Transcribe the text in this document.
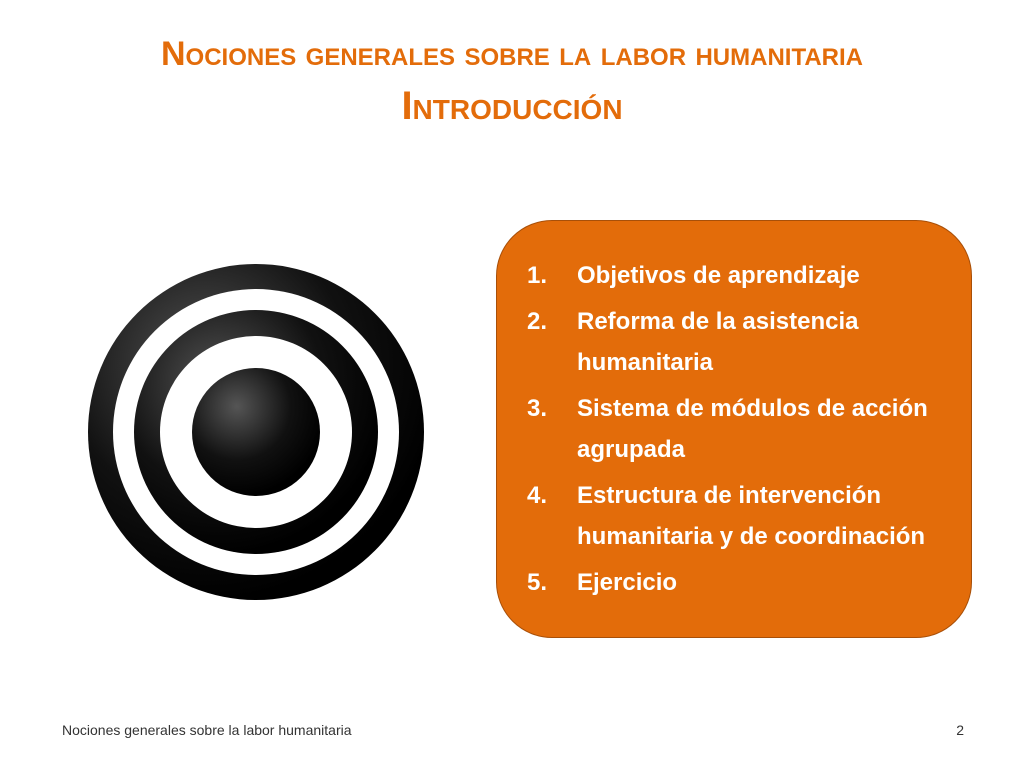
Nociones generales sobre la labor humanitaria
Introducción
1.	Objetivos de aprendizaje
2.	Reforma de la asistencia humanitaria
3.	Sistema de módulos de acción agrupada
4.	Estructura de intervención humanitaria y de coordinación
5.	Ejercicio
Nociones generales sobre la labor humanitaria	2
